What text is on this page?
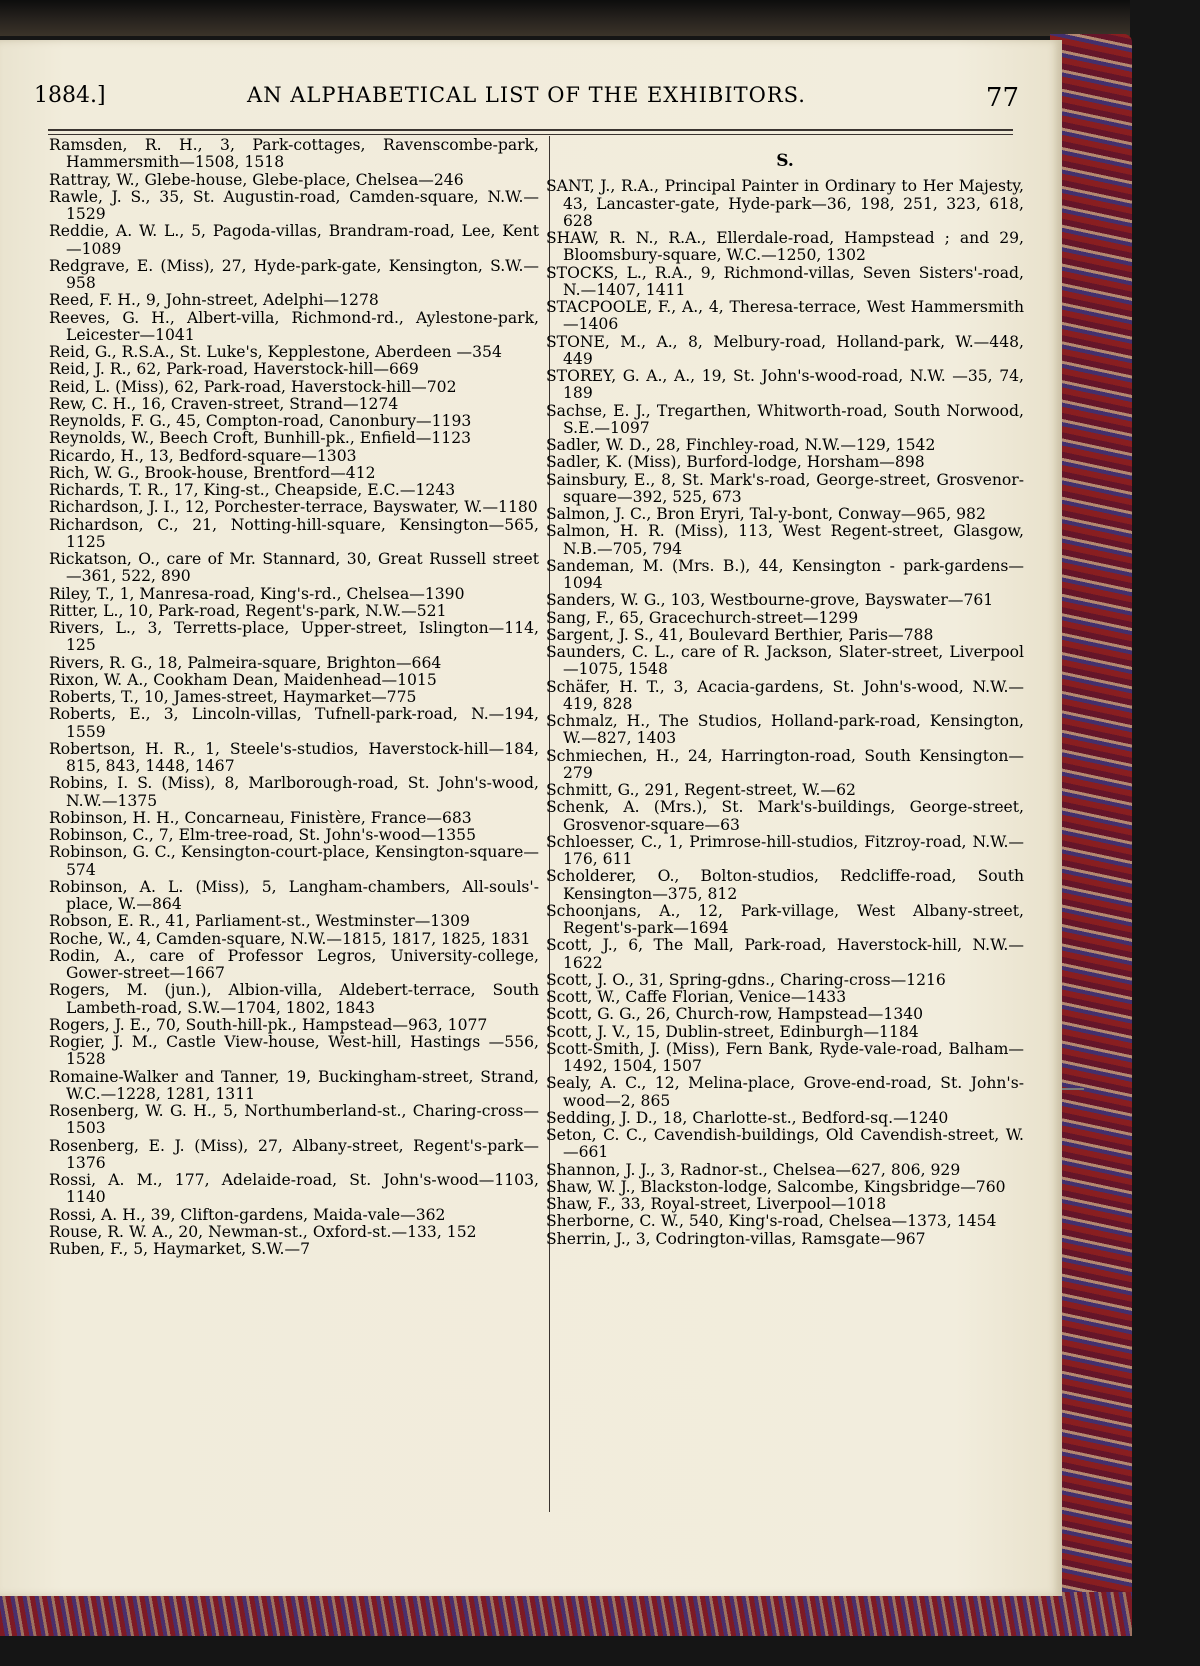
1884.]	AN ALPHABETICAL LIST OF THE EXHIBITORS.	77

Ramsden, R. H., 3, Park-cottages, Ravenscombe-park, Hammersmith—1508, 1518

Rattray, W., Glebe-house, Glebe-place, Chelsea—246

Rawle, J. S., 35, St. Augustin-road, Camden-square, N.W.—1529

Reddie, A. W. L., 5, Pagoda-villas, Brandram-road, Lee, Kent—1089

Redgrave, E. (Miss), 27, Hyde-park-gate, Kensington, S.W.—958

Reed, F. H., 9, John-street, Adelphi—1278

Reeves, G. H., Albert-villa, Richmond-rd., Aylestone-park, Leicester—1041

Reid, G., R.S.A., St. Luke's, Kepplestone, Aberdeen —354

Reid, J. R., 62, Park-road, Haverstock-hill—669

Reid, L. (Miss), 62, Park-road, Haverstock-hill—702

Rew, C. H., 16, Craven-street, Strand—1274

Reynolds, F. G., 45, Compton-road, Canonbury—1193

Reynolds, W., Beech Croft, Bunhill-pk., Enfield—1123

Ricardo, H., 13, Bedford-square—1303

Rich, W. G., Brook-house, Brentford—412

Richards, T. R., 17, King-st., Cheapside, E.C.—1243

Richardson, J. I., 12, Porchester-terrace, Bayswater, W.—1180

Richardson, C., 21, Notting-hill-square, Kensington—565, 1125

Rickatson, O., care of Mr. Stannard, 30, Great Russell street—361, 522, 890

Riley, T., 1, Manresa-road, King's-rd., Chelsea—1390

Ritter, L., 10, Park-road, Regent's-park, N.W.—521

Rivers, L., 3, Terretts-place, Upper-street, Islington—114, 125

Rivers, R. G., 18, Palmeira-square, Brighton—664

Rixon, W. A., Cookham Dean, Maidenhead—1015

Roberts, T., 10, James-street, Haymarket—775

Roberts, E., 3, Lincoln-villas, Tufnell-park-road, N.—194, 1559

Robertson, H. R., 1, Steele's-studios, Haverstock-hill—184, 815, 843, 1448, 1467

Robins, I. S. (Miss), 8, Marlborough-road, St. John's-wood, N.W.—1375

Robinson, H. H., Concarneau, Finistère, France—683

Robinson, C., 7, Elm-tree-road, St. John's-wood—1355

Robinson, G. C., Kensington-court-place, Kensington-square—574

Robinson, A. L. (Miss), 5, Langham-chambers, All-souls'-place, W.—864

Robson, E. R., 41, Parliament-st., Westminster—1309

Roche, W., 4, Camden-square, N.W.—1815, 1817, 1825, 1831

Rodin, A., care of Professor Legros, University-college, Gower-street—1667

Rogers, M. (jun.), Albion-villa, Aldebert-terrace, South Lambeth-road, S.W.—1704, 1802, 1843

Rogers, J. E., 70, South-hill-pk., Hampstead—963, 1077

Rogier, J. M., Castle View-house, West-hill, Hastings —556, 1528

Romaine-Walker and Tanner, 19, Buckingham-street, Strand, W.C.—1228, 1281, 1311

Rosenberg, W. G. H., 5, Northumberland-st., Charing-cross—1503

Rosenberg, E. J. (Miss), 27, Albany-street, Regent's-park—1376

Rossi, A. M., 177, Adelaide-road, St. John's-wood—1103, 1140

Rossi, A. H., 39, Clifton-gardens, Maida-vale—362

Rouse, R. W. A., 20, Newman-st., Oxford-st.—133, 152

Ruben, F., 5, Haymarket, S.W.—7

S.

SANT, J., R.A., Principal Painter in Ordinary to Her Majesty, 43, Lancaster-gate, Hyde-park—36, 198, 251, 323, 618, 628

SHAW, R. N., R.A., Ellerdale-road, Hampstead ; and 29, Bloomsbury-square, W.C.—1250, 1302

STOCKS, L., R.A., 9, Richmond-villas, Seven Sisters'-road, N.—1407, 1411

STACPOOLE, F., A., 4, Theresa-terrace, West Hammersmith—1406

STONE, M., A., 8, Melbury-road, Holland-park, W.—448, 449

STOREY, G. A., A., 19, St. John's-wood-road, N.W. —35, 74, 189

Sachse, E. J., Tregarthen, Whitworth-road, South Norwood, S.E.—1097

Sadler, W. D., 28, Finchley-road, N.W.—129, 1542

Sadler, K. (Miss), Burford-lodge, Horsham—898

Sainsbury, E., 8, St. Mark's-road, George-street, Grosvenor-square—392, 525, 673

Salmon, J. C., Bron Eryri, Tal-y-bont, Conway—965, 982

Salmon, H. R. (Miss), 113, West Regent-street, Glasgow, N.B.—705, 794

Sandeman, M. (Mrs. B.), 44, Kensington - park-gardens—1094

Sanders, W. G., 103, Westbourne-grove, Bayswater—761

Sang, F., 65, Gracechurch-street—1299

Sargent, J. S., 41, Boulevard Berthier, Paris—788

Saunders, C. L., care of R. Jackson, Slater-street, Liverpool—1075, 1548

Schäfer, H. T., 3, Acacia-gardens, St. John's-wood, N.W.—419, 828

Schmalz, H., The Studios, Holland-park-road, Kensington, W.—827, 1403

Schmiechen, H., 24, Harrington-road, South Kensington—279

Schmitt, G., 291, Regent-street, W.—62

Schenk, A. (Mrs.), St. Mark's-buildings, George-street, Grosvenor-square—63

Schloesser, C., 1, Primrose-hill-studios, Fitzroy-road, N.W.—176, 611

Scholderer, O., Bolton-studios, Redcliffe-road, South Kensington—375, 812

Schoonjans, A., 12, Park-village, West Albany-street, Regent's-park—1694

Scott, J., 6, The Mall, Park-road, Haverstock-hill, N.W.—1622

Scott, J. O., 31, Spring-gdns., Charing-cross—1216

Scott, W., Caffe Florian, Venice—1433

Scott, G. G., 26, Church-row, Hampstead—1340

Scott, J. V., 15, Dublin-street, Edinburgh—1184

Scott-Smith, J. (Miss), Fern Bank, Ryde-vale-road, Balham—1492, 1504, 1507

Sealy, A. C., 12, Melina-place, Grove-end-road, St. John's-wood—2, 865

Sedding, J. D., 18, Charlotte-st., Bedford-sq.—1240

Seton, C. C., Cavendish-buildings, Old Cavendish-street, W.—661

Shannon, J. J., 3, Radnor-st., Chelsea—627, 806, 929

Shaw, W. J., Blackston-lodge, Salcombe, Kingsbridge—760

Shaw, F., 33, Royal-street, Liverpool—1018

Sherborne, C. W., 540, King's-road, Chelsea—1373, 1454

Sherrin, J., 3, Codrington-villas, Ramsgate—967
